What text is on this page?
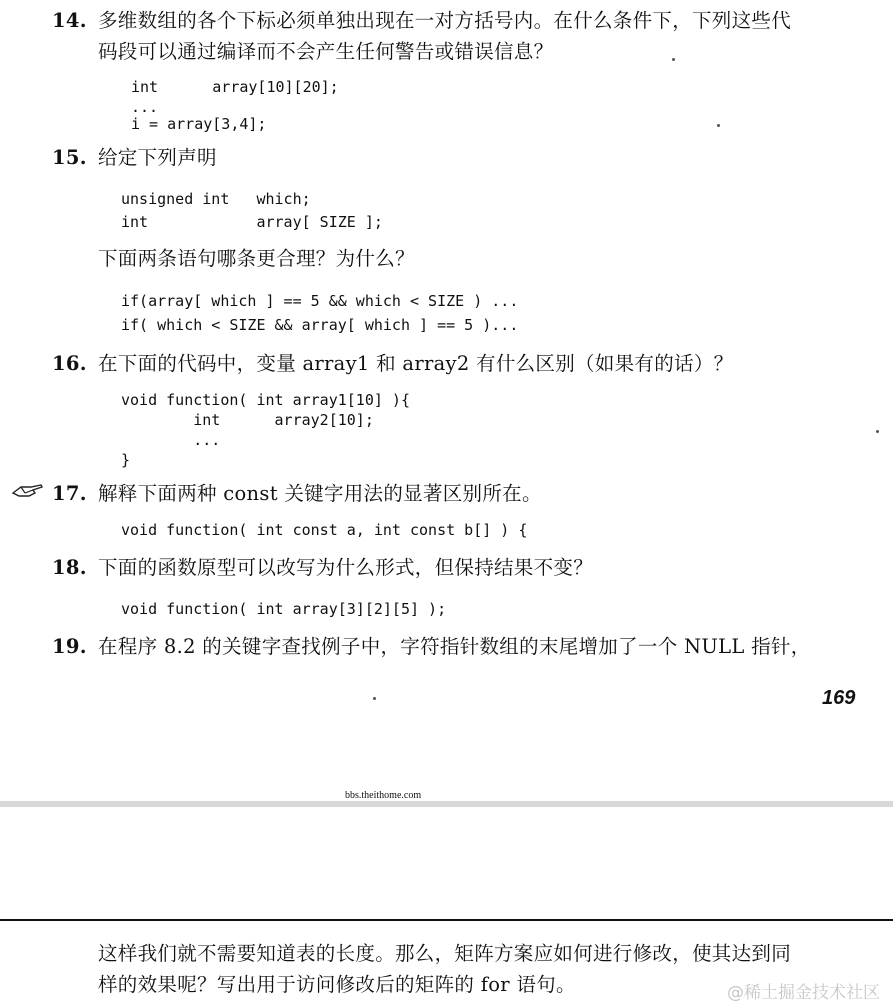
14. 多维数组的各个下标必须单独出现在一对方括号内。在什么条件下，下列这些代
码段可以通过编译而不会产生任何警告或错误信息？
int      array[10][20];
...
i = array[3,4];
15. 给定下列声明
unsigned int   which;
int            array[ SIZE ];
下面两条语句哪条更合理？为什么？
if(array[ which ] == 5 && which < SIZE ) ...
if( which < SIZE && array[ which ] == 5 )...
16. 在下面的代码中，变量 array1 和 array2 有什么区别（如果有的话）？
void function( int array1[10] ){
int      array2[10];
...
}
17. 解释下面两种 const 关键字用法的显著区别所在。
void function( int const a, int const b[] ) {
18. 下面的函数原型可以改写为什么形式，但保持结果不变？
void function( int array[3][2][5] );
19. 在程序 8.2 的关键字查找例子中，字符指针数组的末尾增加了一个 NULL 指针，
169
bbs.theithome.com
这样我们就不需要知道表的长度。那么，矩阵方案应如何进行修改，使其达到同
样的效果呢？写出用于访问修改后的矩阵的 for 语句。	@稀土掘金技术社区
